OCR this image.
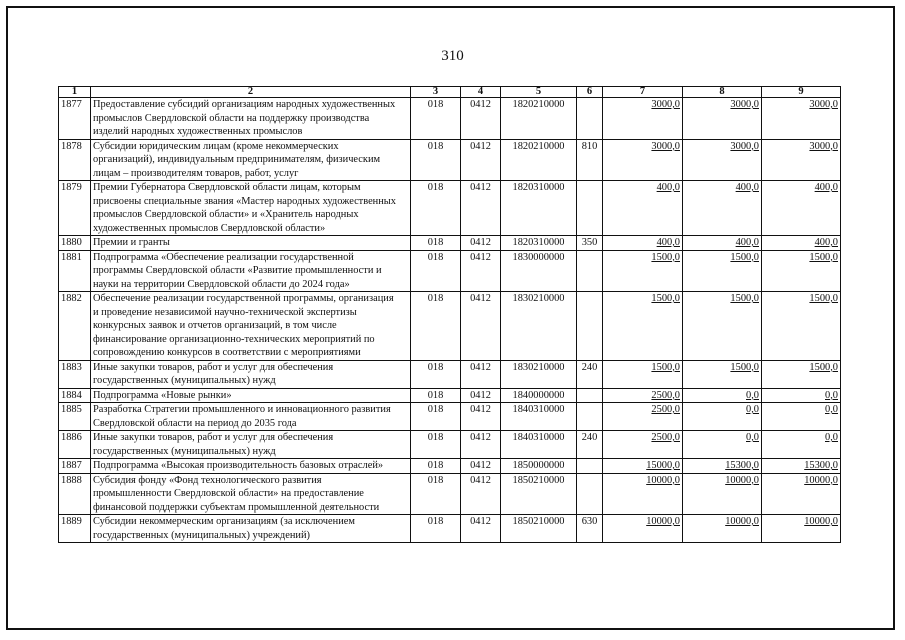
310
1	2	3	4	5	6	7	8	9
1877	Предоставление субсидий организациям народных художественных
промыслов Свердловской области на поддержку производства
изделий народных художественных промыслов	018	0412	1820210000		3000,0	3000,0	3000,0
1878	Субсидии юридическим лицам (кроме некоммерческих
организаций), индивидуальным предпринимателям, физическим
лицам – производителям товаров, работ, услуг	018	0412	1820210000	810	3000,0	3000,0	3000,0
1879	Премии Губернатора Свердловской области лицам, которым
присвоены специальные звания «Мастер народных художественных
промыслов Свердловской области» и «Хранитель народных
художественных промыслов Свердловской области»	018	0412	1820310000		400,0	400,0	400,0
1880	Премии и гранты	018	0412	1820310000	350	400,0	400,0	400,0
1881	Подпрограмма «Обеспечение реализации государственной
программы Свердловской области «Развитие промышленности и
науки на территории Свердловской области до 2024 года»	018	0412	1830000000		1500,0	1500,0	1500,0
1882	Обеспечение реализации государственной программы, организация
и проведение независимой научно-технической экспертизы
конкурсных заявок и отчетов организаций, в том числе
финансирование организационно-технических мероприятий по
сопровождению конкурсов в соответствии с мероприятиями	018	0412	1830210000		1500,0	1500,0	1500,0
1883	Иные закупки товаров, работ и услуг для обеспечения
государственных (муниципальных) нужд	018	0412	1830210000	240	1500,0	1500,0	1500,0
1884	Подпрограмма «Новые рынки»	018	0412	1840000000		2500,0	0,0	0,0
1885	Разработка Стратегии промышленного и инновационного развития
Свердловской области на период до 2035 года	018	0412	1840310000		2500,0	0,0	0,0
1886	Иные закупки товаров, работ и услуг для обеспечения
государственных (муниципальных) нужд	018	0412	1840310000	240	2500,0	0,0	0,0
1887	Подпрограмма «Высокая производительность базовых отраслей»	018	0412	1850000000		15000,0	15300,0	15300,0
1888	Субсидия фонду «Фонд технологического развития
промышленности Свердловской области» на предоставление
финансовой поддержки субъектам промышленной деятельности	018	0412	1850210000		10000,0	10000,0	10000,0
1889	Субсидии некоммерческим организациям (за исключением
государственных (муниципальных) учреждений)	018	0412	1850210000	630	10000,0	10000,0	10000,0
